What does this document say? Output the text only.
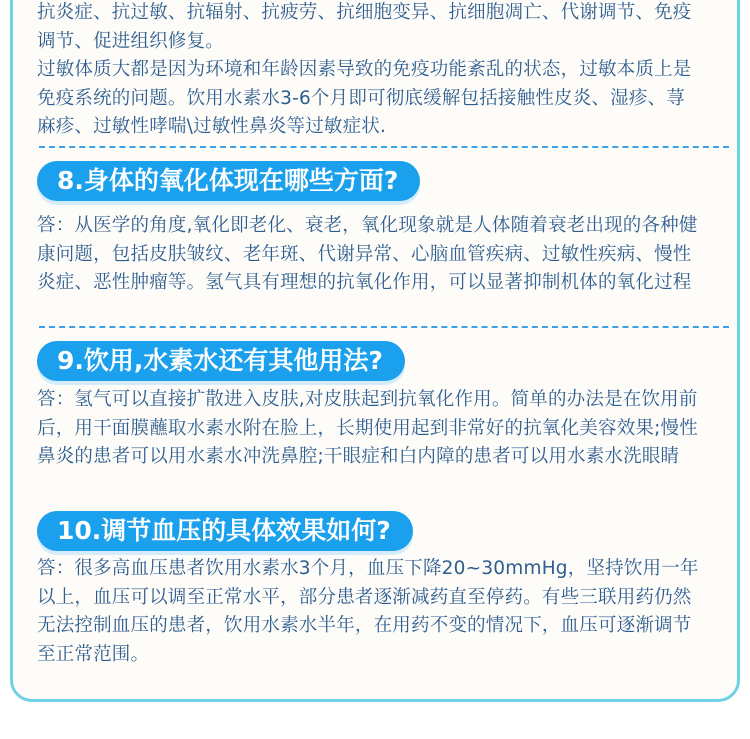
抗炎症、抗过敏、抗辐射、抗疲劳、抗细胞变异、抗细胞凋亡、代谢调节、免疫
调节、促进组织修复。
过敏体质大都是因为环境和年龄因素导致的免疫功能紊乱的状态，过敏本质上是
免疫系统的问题。饮用水素水3-6个月即可彻底缓解包括接触性皮炎、湿疹、荨
麻疹、过敏性哮喘\过敏性鼻炎等过敏症状.
8.身体的氧化体现在哪些方面?
答：从医学的角度,氧化即老化、衰老，氧化现象就是人体随着衰老出现的各种健
康问题，包括皮肤皱纹、老年斑、代谢异常、心脑血管疾病、过敏性疾病、慢性
炎症、恶性肿瘤等。氢气具有理想的抗氧化作用，可以显著抑制机体的氧化过程
9.饮用,水素水还有其他用法?
答：氢气可以直接扩散进入皮肤,对皮肤起到抗氧化作用。简单的办法是在饮用前
后，用干面膜蘸取水素水附在脸上，长期使用起到非常好的抗氧化美容效果;慢性
鼻炎的患者可以用水素水冲洗鼻腔;干眼症和白内障的患者可以用水素水洗眼睛
10.调节血压的具体效果如何?
答：很多高血压患者饮用水素水3个月，血压下降20~30mmHg，坚持饮用一年
以上，血压可以调至正常水平，部分患者逐渐减药直至停药。有些三联用药仍然
无法控制血压的患者，饮用水素水半年，在用药不变的情况下，血压可逐渐调节
至正常范围。
